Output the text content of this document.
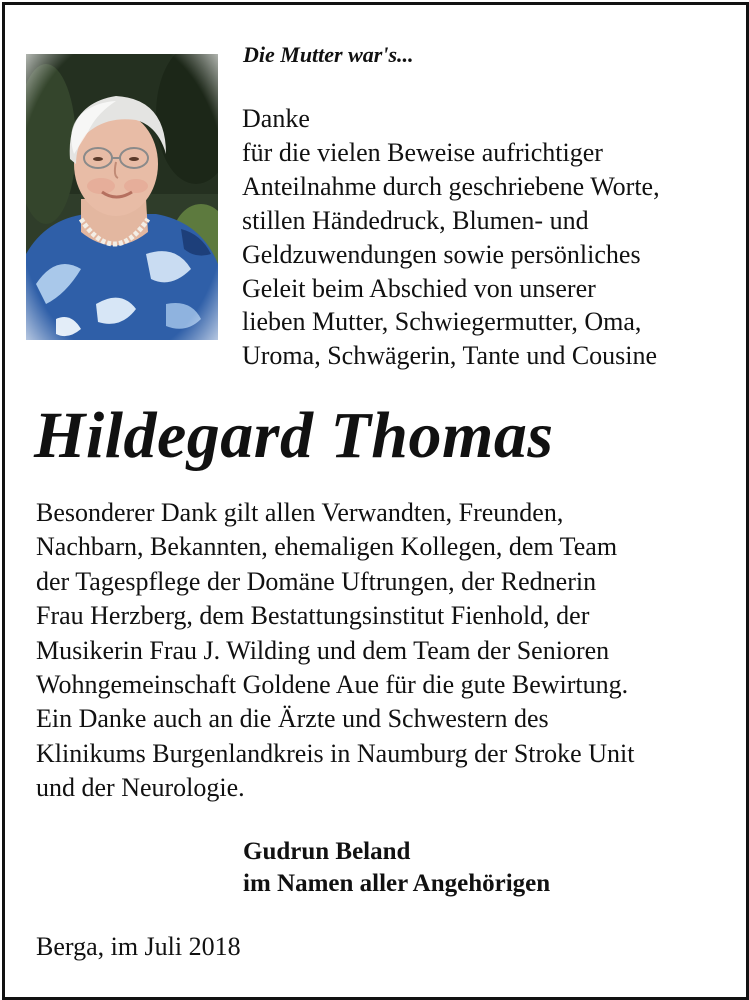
Die Mutter war's...
Danke
für die vielen Beweise aufrichtiger
Anteilnahme durch geschriebene Worte,
stillen Händedruck, Blumen- und
Geldzuwendungen sowie persönliches
Geleit beim Abschied von unserer
lieben Mutter, Schwiegermutter, Oma,
Uroma, Schwägerin, Tante und Cousine
Hildegard Thomas
Besonderer Dank gilt allen Verwandten, Freunden,
Nachbarn, Bekannten, ehemaligen Kollegen, dem Team
der Tagespflege der Domäne Uftrungen, der Rednerin
Frau Herzberg, dem Bestattungsinstitut Fienhold, der
Musikerin Frau J. Wilding und dem Team der Senioren
Wohngemeinschaft Goldene Aue für die gute Bewirtung.
Ein Danke auch an die Ärzte und Schwestern des
Klinikums Burgenlandkreis in Naumburg der Stroke Unit
und der Neurologie.
Gudrun Beland
im Namen aller Angehörigen
Berga, im Juli 2018
